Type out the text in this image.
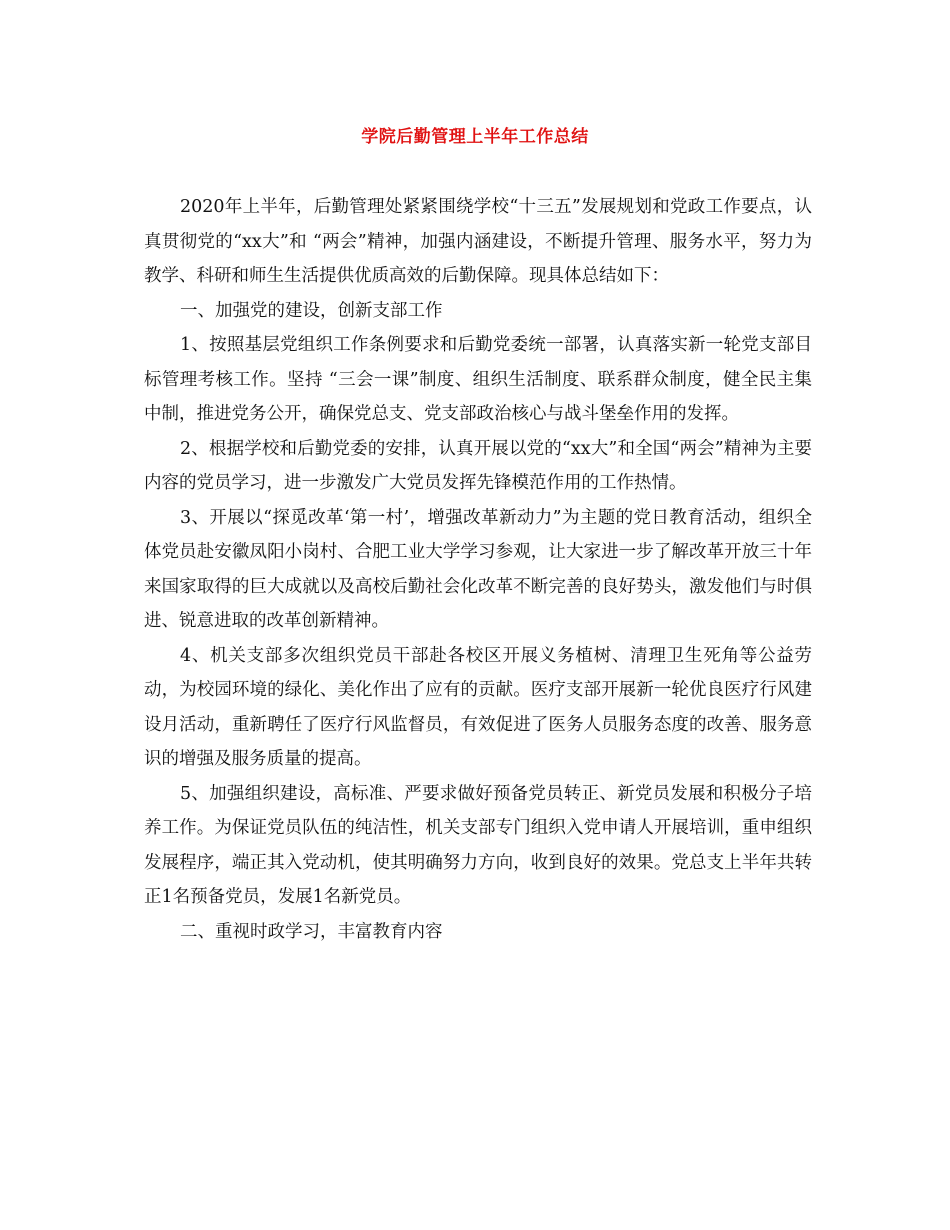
学院后勤管理上半年工作总结

2020年上半年，后勤管理处紧紧围绕学校“十三五”发展规划和党政工作要点，认真贯彻党的“xx大”和 “两会”精神，加强内涵建设，不断提升管理、服务水平，努力为教学、科研和师生生活提供优质高效的后勤保障。现具体总结如下：

一、加强党的建设，创新支部工作

1、按照基层党组织工作条例要求和后勤党委统一部署，认真落实新一轮党支部目标管理考核工作。坚持 “三会一课”制度、组织生活制度、联系群众制度，健全民主集中制，推进党务公开，确保党总支、党支部政治核心与战斗堡垒作用的发挥。

2、根据学校和后勤党委的安排，认真开展以党的“xx大”和全国“两会”精神为主要内容的党员学习，进一步激发广大党员发挥先锋模范作用的工作热情。

3、开展以“探觅改革‘第一村’，增强改革新动力”为主题的党日教育活动，组织全体党员赴安徽凤阳小岗村、合肥工业大学学习参观，让大家进一步了解改革开放三十年来国家取得的巨大成就以及高校后勤社会化改革不断完善的良好势头，激发他们与时俱进、锐意进取的改革创新精神。

4、机关支部多次组织党员干部赴各校区开展义务植树、清理卫生死角等公益劳动，为校园环境的绿化、美化作出了应有的贡献。医疗支部开展新一轮优良医疗行风建设月活动，重新聘任了医疗行风监督员，有效促进了医务人员服务态度的改善、服务意识的增强及服务质量的提高。

5、加强组织建设，高标准、严要求做好预备党员转正、新党员发展和积极分子培养工作。为保证党员队伍的纯洁性，机关支部专门组织入党申请人开展培训，重申组织发展程序，端正其入党动机，使其明确努力方向，收到良好的效果。党总支上半年共转正1名预备党员，发展1名新党员。

二、重视时政学习，丰富教育内容
